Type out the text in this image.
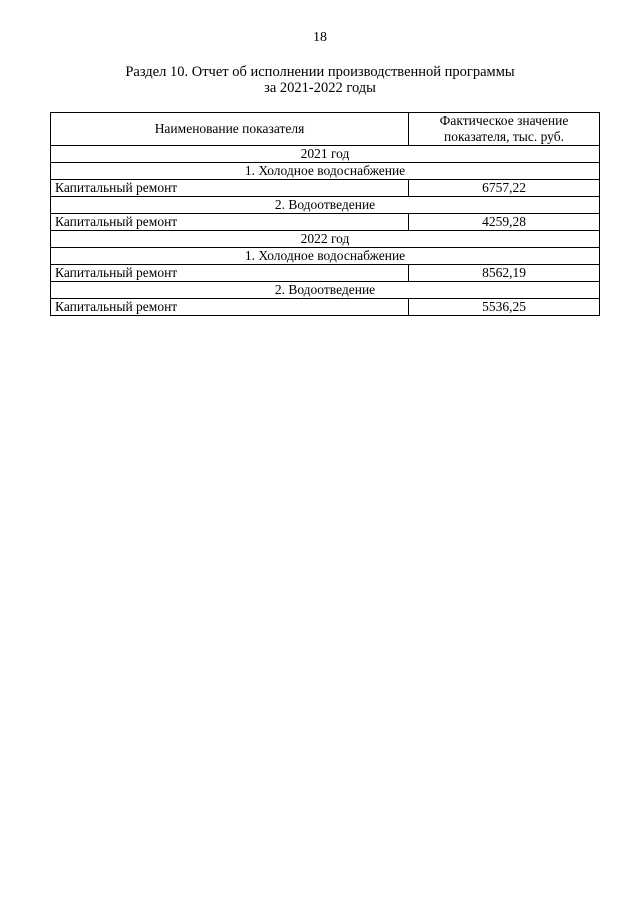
18
Раздел 10. Отчет об исполнении производственной программы
за 2021-2022 годы
Наименование показателя	Фактическое значение
показателя, тыс. руб.

2021 год	
1. Холодное водоснабжение	
Капитальный ремонт	6757,22
2. Водоотведение	
Капитальный ремонт	4259,28
2022 год	
1. Холодное водоснабжение	
Капитальный ремонт	8562,19
2. Водоотведение	
Капитальный ремонт	5536,25
